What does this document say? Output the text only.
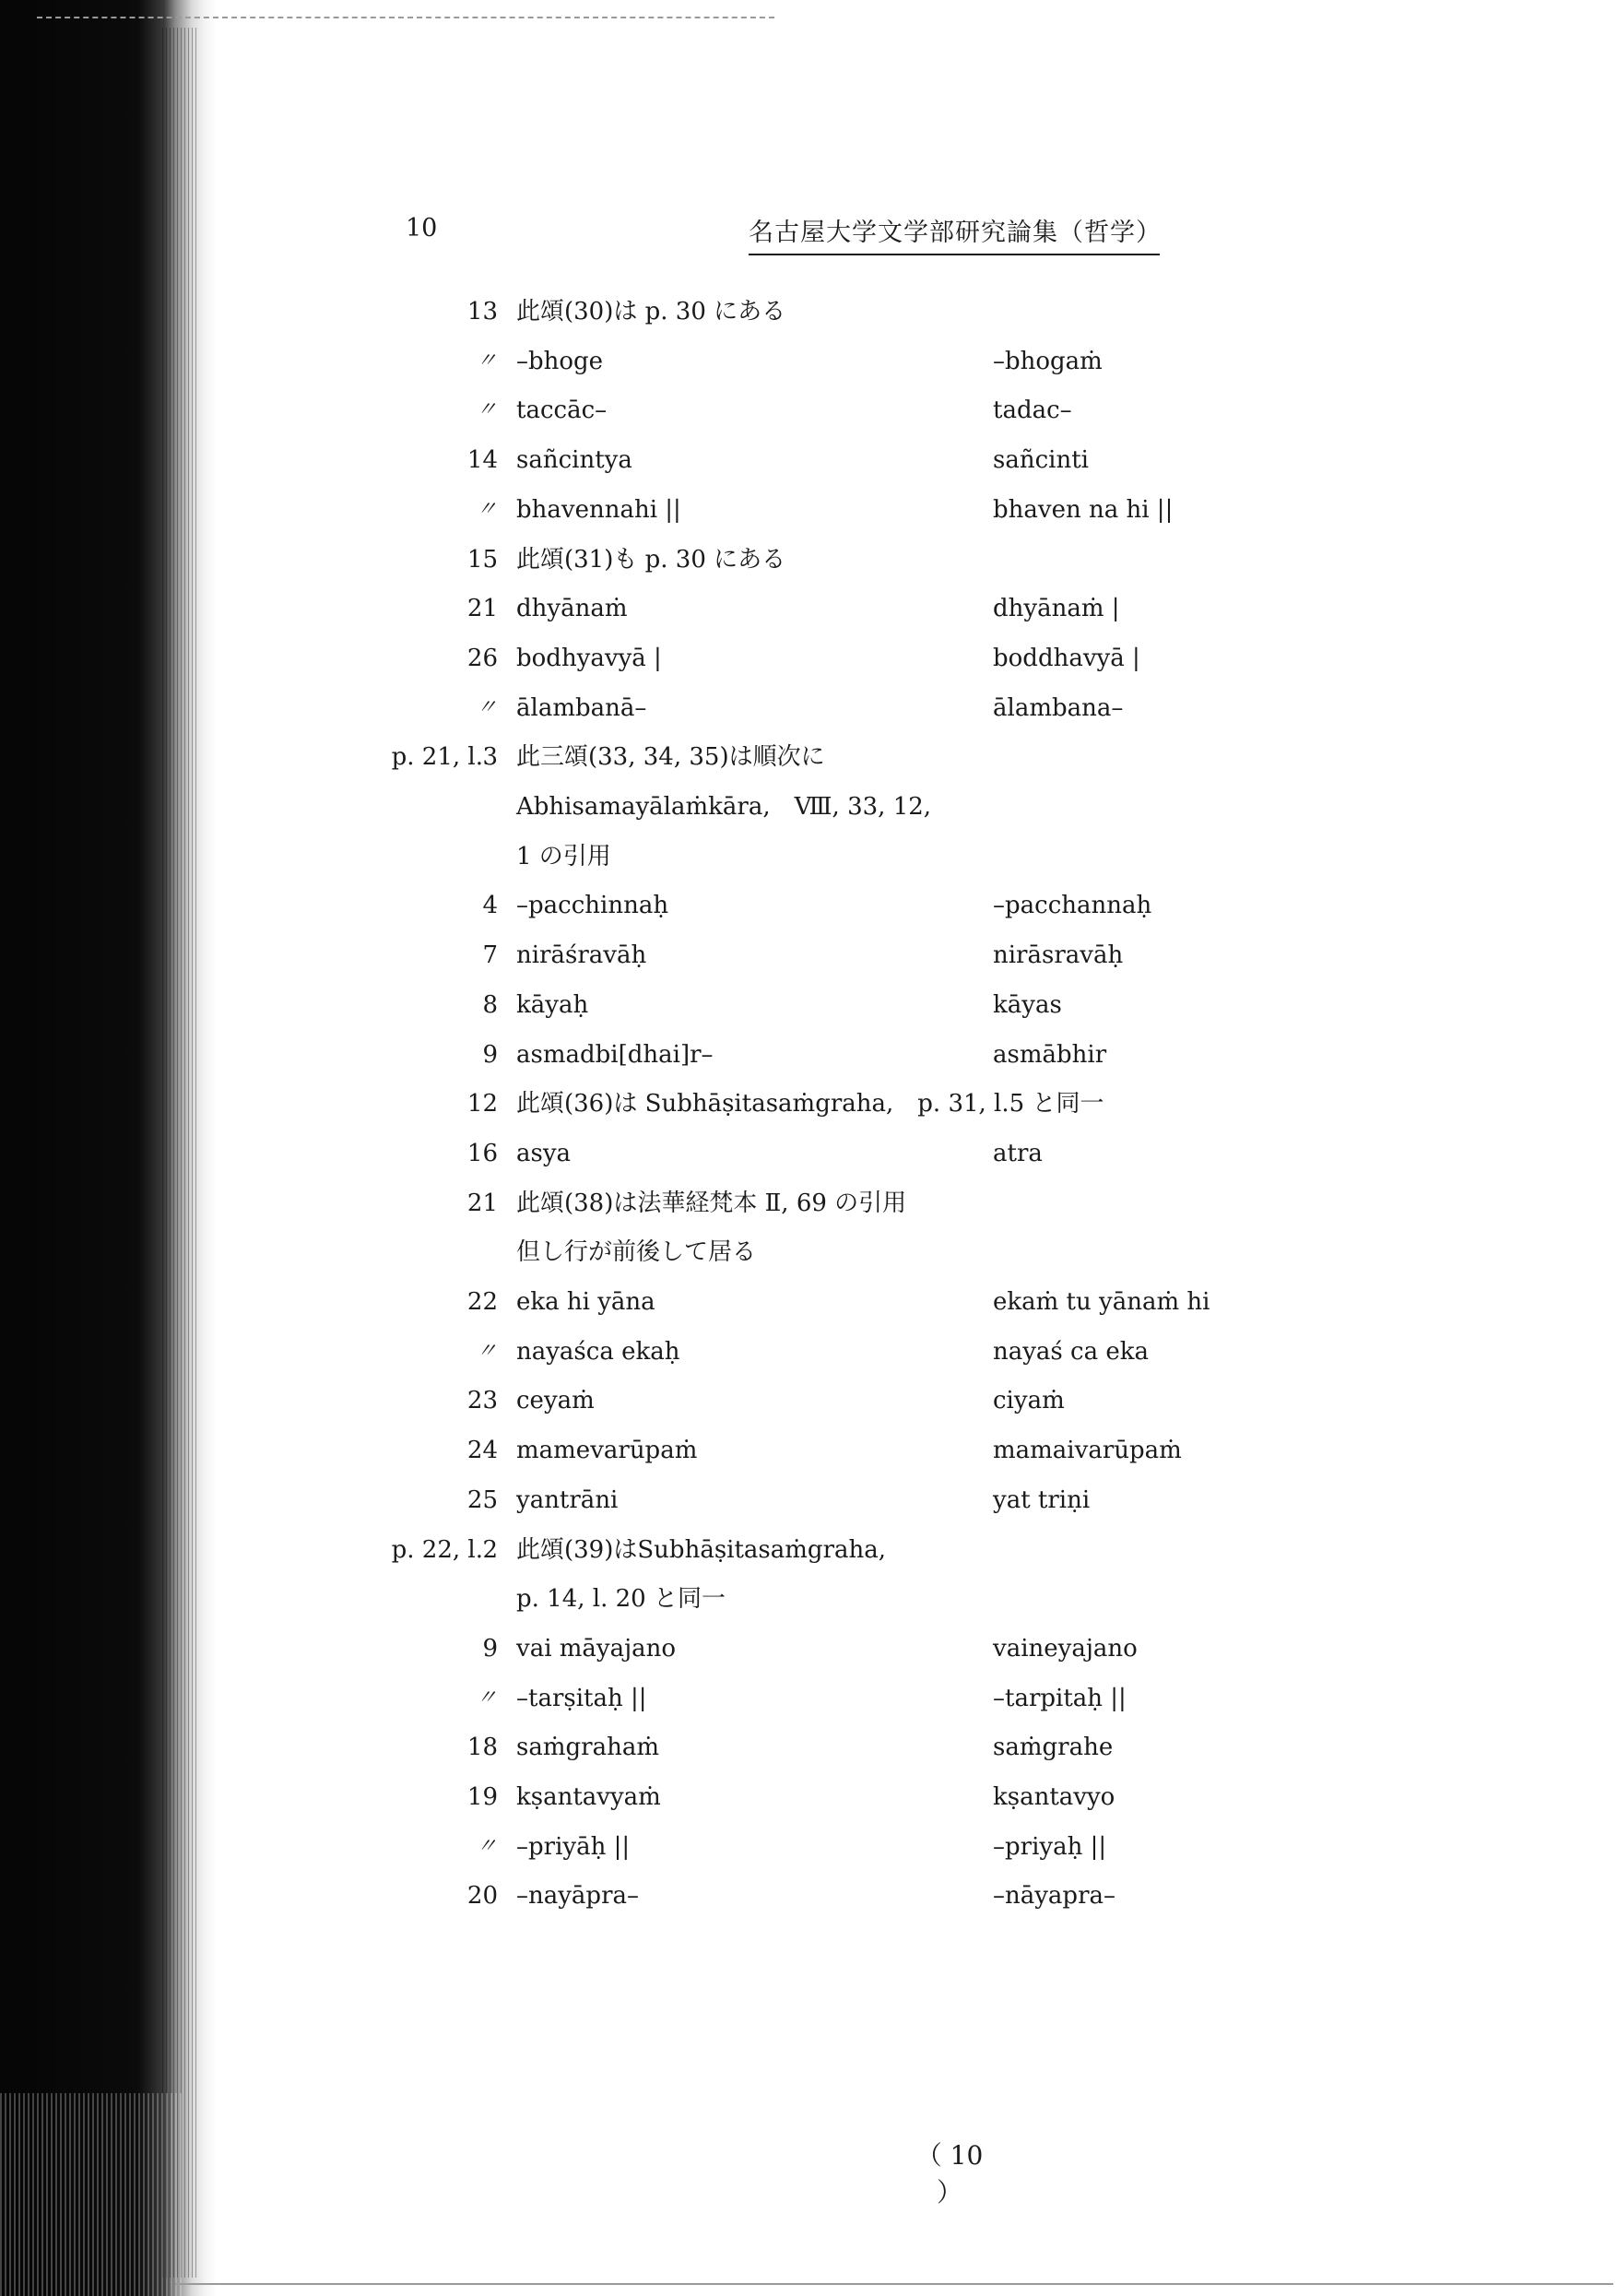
10	名古屋大学文学部研究論集（哲学）
13 此頌(30)は p. 30 にある
〃 –bhoge	–bhogaṁ
〃 taccāc–	tadac–
14 sañcintya	sañcinti
〃 bhavennahi ||	bhaven na hi ||
15 此頌(31)も p. 30 にある
21 dhyānaṁ	dhyānaṁ |
26 bodhyavyā |	boddhavyā |
〃 ālambanā–	ālambana–
p. 21, l. 3 此三頌(33, 34, 35)は順次に
Abhisamayālaṁkāra,　Ⅷ, 33, 12,
1 の引用
4 –pacchinnaḥ	–pacchannaḥ
7 nirāśravāḥ	nirāsravāḥ
8 kāyaḥ	kāyas
9 asmadbi[dhai]r–	asmābhir
12 此頌(36)は Subhāṣitasaṁgraha,　p. 31, l.5 と同一
16 asya	atra
21 此頌(38)は法華経梵本 Ⅱ, 69 の引用
但し行が前後して居る
22 eka hi yāna	ekaṁ tu yānaṁ hi
〃 nayaśca ekaḥ	nayaś ca eka
23 ceyaṁ	ciyaṁ
24 mamevarūpaṁ	mamaivarūpaṁ
25 yantrāni	yat triṇi
p. 22, l. 2 此頌(39)はSubhāṣitasaṁgraha,
p. 14, l. 20 と同一
9 vai māyajano	vaineyajano
〃 –tarṣitaḥ ||	–tarpitaḥ ||
18 saṁgrahaṁ	saṁgrahe
19 kṣantavyaṁ	kṣantavyo
〃 –priyāḥ ||	–priyaḥ ||
20 –nayāpra–	–nāyapra–
（ 10 ）
